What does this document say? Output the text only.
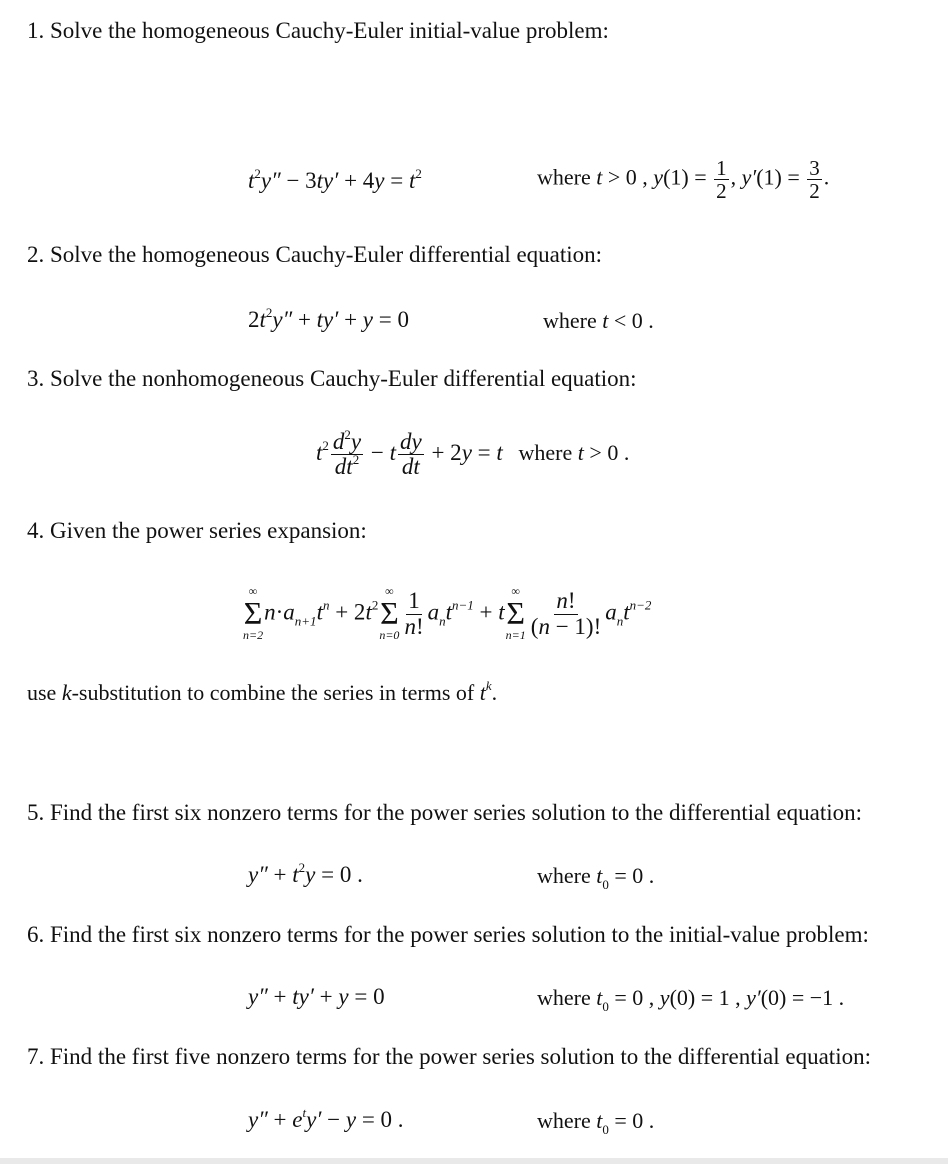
1. Solve the homogeneous Cauchy-Euler initial-value problem:
$t^2y'' - 3ty' + 4y = t^2$	where t > 0 , $y(1) = \frac{1}{2}$ , $y'(1) = \frac{3}{2}$ .
2. Solve the homogeneous Cauchy-Euler differential equation:
$2t^2y'' + ty' + y = 0$	where t < 0 .
3. Solve the nonhomogeneous Cauchy-Euler differential equation:
$t^2 \frac{d^2y}{dt^2} - t \frac{dy}{dt} + 2y = t$ where t > 0 .
4. Given the power series expansion:
∞
Σ
n=2
$n\cdot a_{n+1}t^n + 2t^2$
∞
Σ
$n=0 \frac{1}{n!} a_nt^{n-1} + t$
∞
Σ
$n=1 \frac{n!}{(n - 1)!} a_nt^{n-2}$
use k-substitution to combine the series in terms of $t^k$.
5. Find the first six nonzero terms for the power series solution to the differential equation:
$y'' + t^2y = 0$ .	where $t_0 = 0$ .
6. Find the first six nonzero terms for the power series solution to the initial-value problem:
y″ + ty′ + y = 0	where $t_0 = 0$ , y(0) = 1 , y′(0) = −1 .
7. Find the first five nonzero terms for the power series solution to the differential equation:
$y'' + e^ty' - y = 0$ .	where $t_0 = 0$ .
